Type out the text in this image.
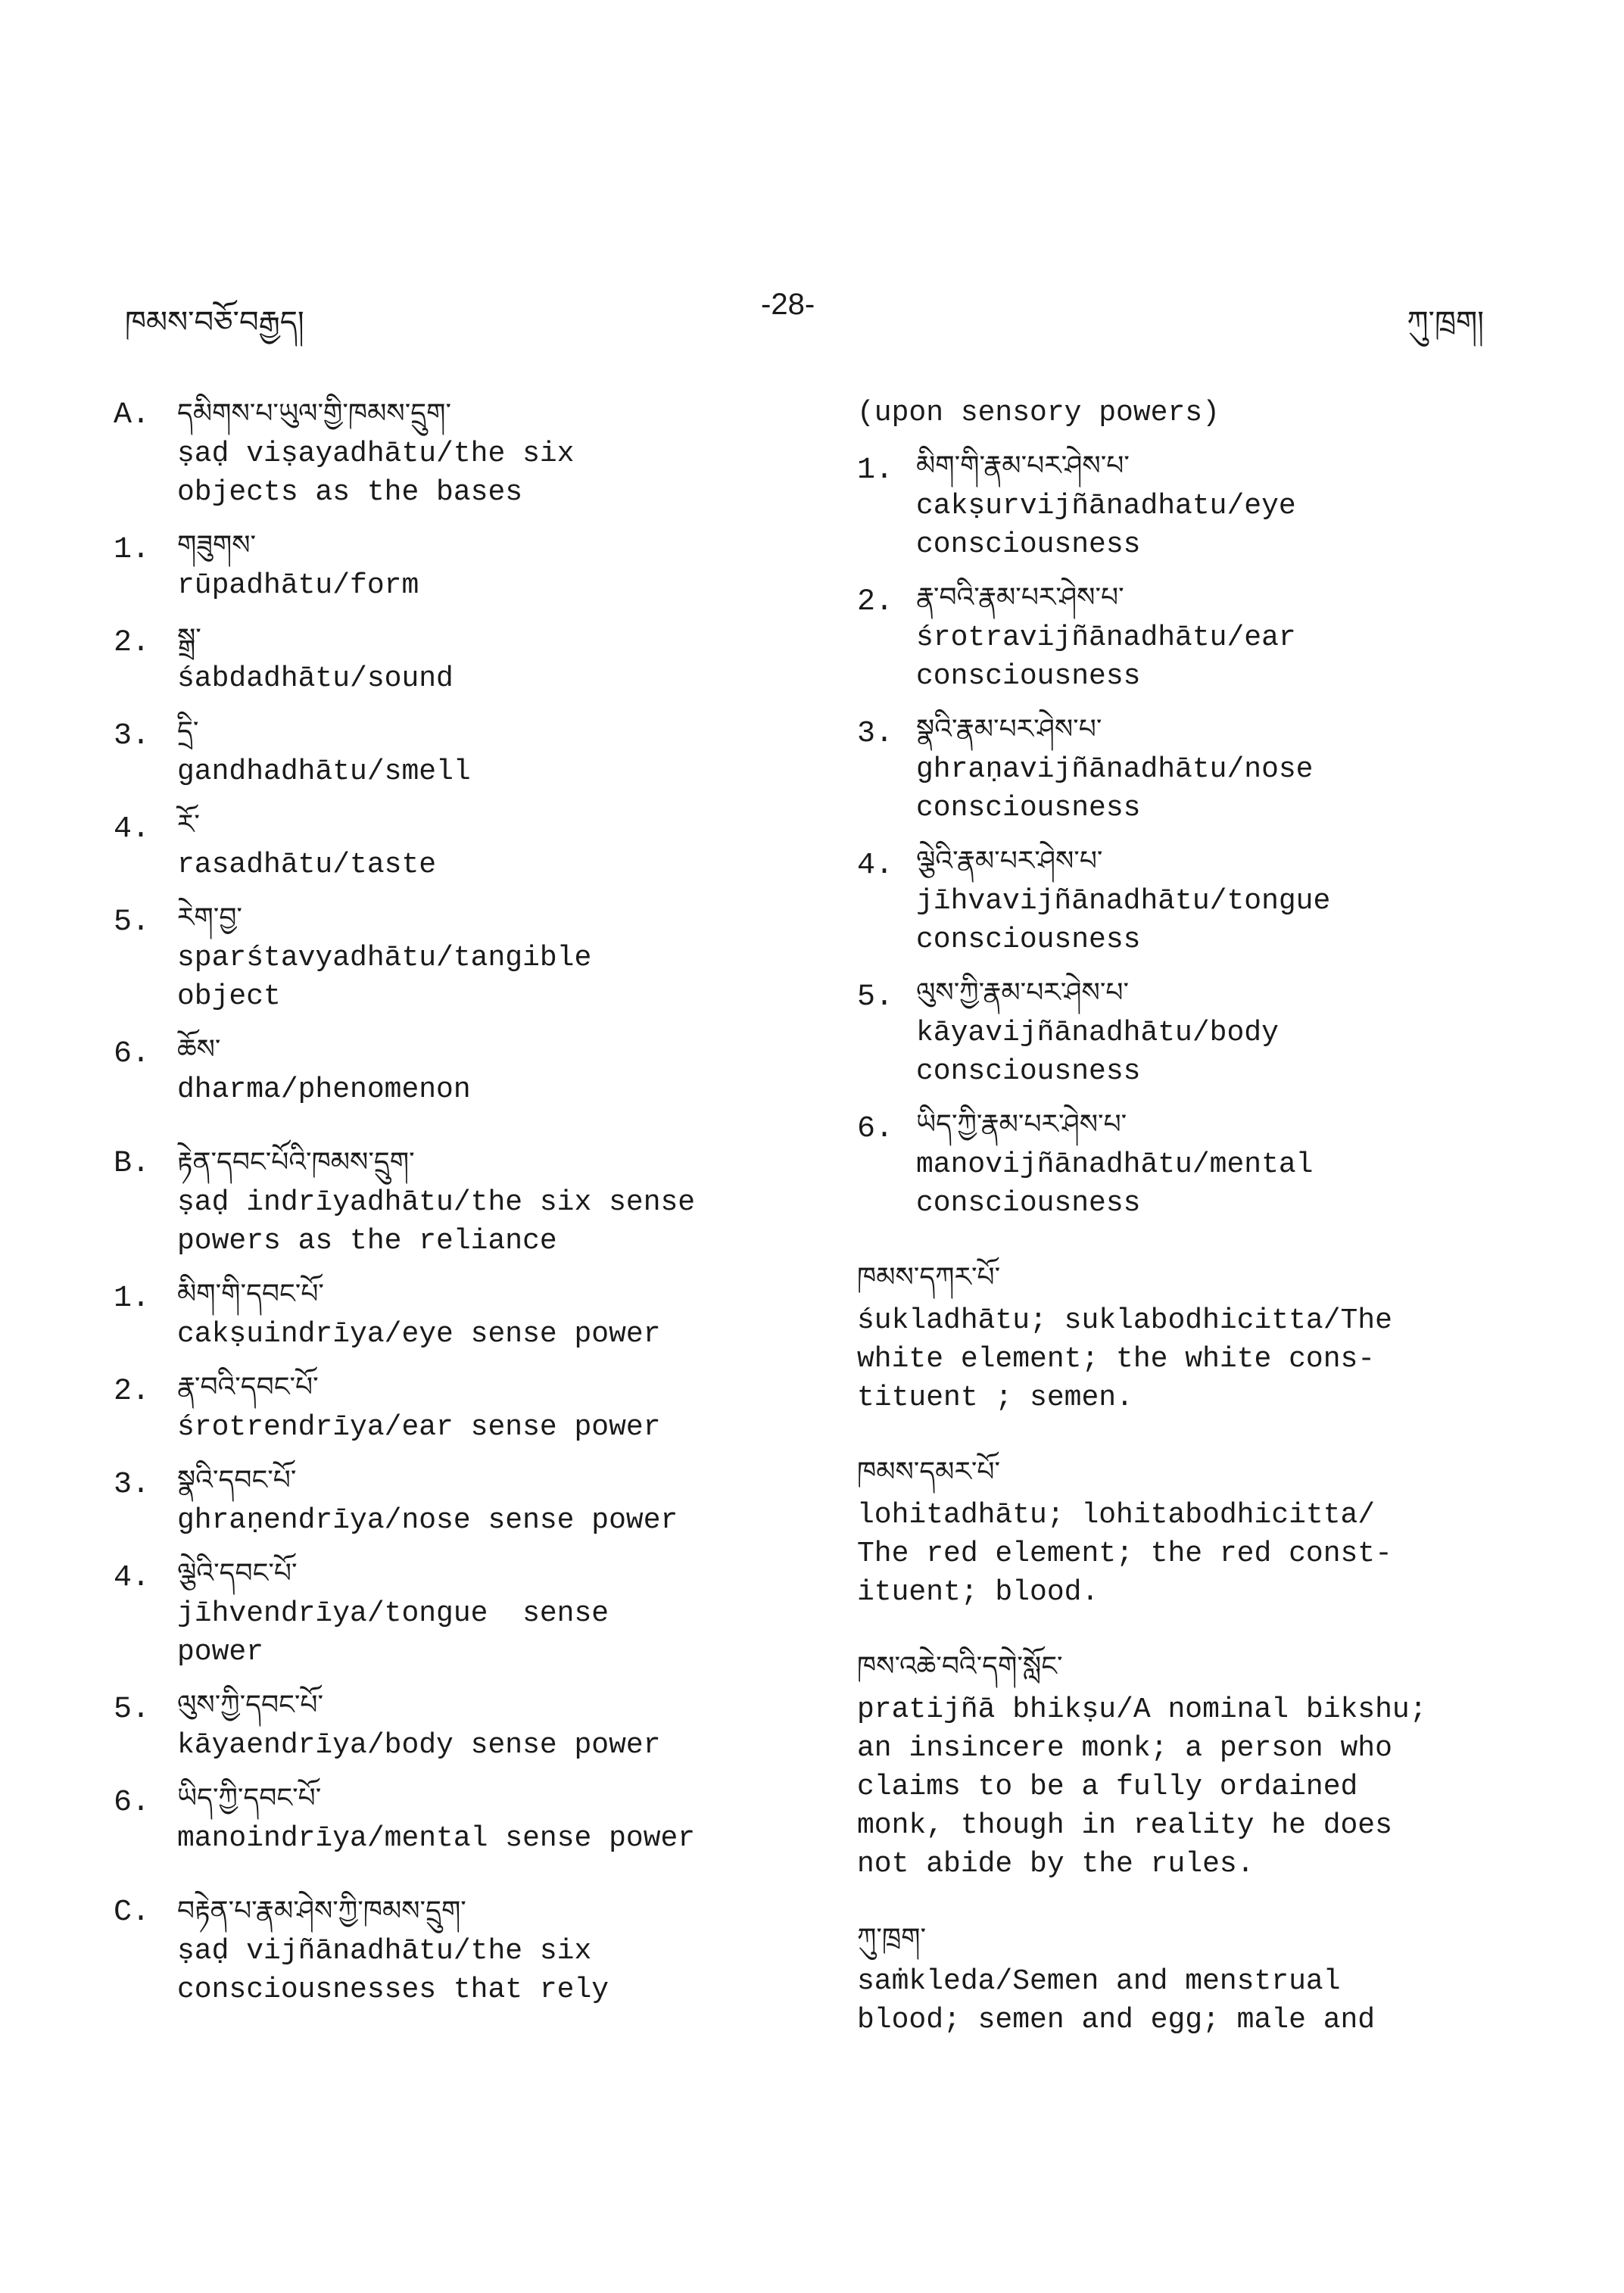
ཁམས་བཅོ་བརྒྱད།
-28-
ཀུ་ཁྲག།
A. དམིགས་པ་ཡུལ་གྱི་ཁམས་དྲུག་
ṣaḍ viṣayadhātu/the six
objects as the bases
1. གཟུགས་
rūpadhātu/form
2. སྒྲ་
śabdadhātu/sound
3. དྲི་
gandhadhātu/smell
4. རོ་
rasadhātu/taste
5. རེག་བྱ་
sparśtavyadhātu/tangible
object
6. ཆོས་
dharma/phenomenon
B. རྟེན་དབང་པོའི་ཁམས་དྲུག་
ṣaḍ indrīyadhātu/the six sense
powers as the reliance
1. མིག་གི་དབང་པོ་
cakṣuindrīya/eye sense power
2. རྣ་བའི་དབང་པོ་
śrotrendrīya/ear sense power
3. སྣའི་དབང་པོ་
ghraṇendrīya/nose sense power
4. ལྕེའི་དབང་པོ་
jīhvendrīya/tongue  sense
power
5. ལུས་ཀྱི་དབང་པོ་
kāyaendrīya/body sense power
6. ཡིད་ཀྱི་དབང་པོ་
manoindrīya/mental sense power
C. བརྟེན་པ་རྣམ་ཤེས་ཀྱི་ཁམས་དྲུག་
ṣaḍ vijñānadhātu/the six
consciousnesses that rely
(upon sensory powers)
1. མིག་གི་རྣམ་པར་ཤེས་པ་
cakṣurvijñānadhatu/eye
consciousness
2. རྣ་བའི་རྣམ་པར་ཤེས་པ་
śrotravijñānadhātu/ear
consciousness
3. སྣའི་རྣམ་པར་ཤེས་པ་
ghraṇavijñānadhātu/nose
consciousness
4. ལྕེའི་རྣམ་པར་ཤེས་པ་
jīhvavijñānadhātu/tongue
consciousness
5. ལུས་ཀྱི་རྣམ་པར་ཤེས་པ་
kāyavijñānadhātu/body
consciousness
6. ཡིད་ཀྱི་རྣམ་པར་ཤེས་པ་
manovijñānadhātu/mental
consciousness
ཁམས་དཀར་པོ་
śukladhātu; suklabodhicitta/The
white element; the white cons-
tituent ; semen.
ཁམས་དམར་པོ་
lohitadhātu; lohitabodhicitta/
The red element; the red const-
ituent; blood.
ཁས་འཆེ་བའི་དགེ་སློང་
pratijñā bhikṣu/A nominal bikshu;
an insincere monk; a person who
claims to be a fully ordained
monk, though in reality he does
not abide by the rules.
ཀུ་ཁྲག་
saṁkleda/Semen and menstrual
blood; semen and egg; male and
